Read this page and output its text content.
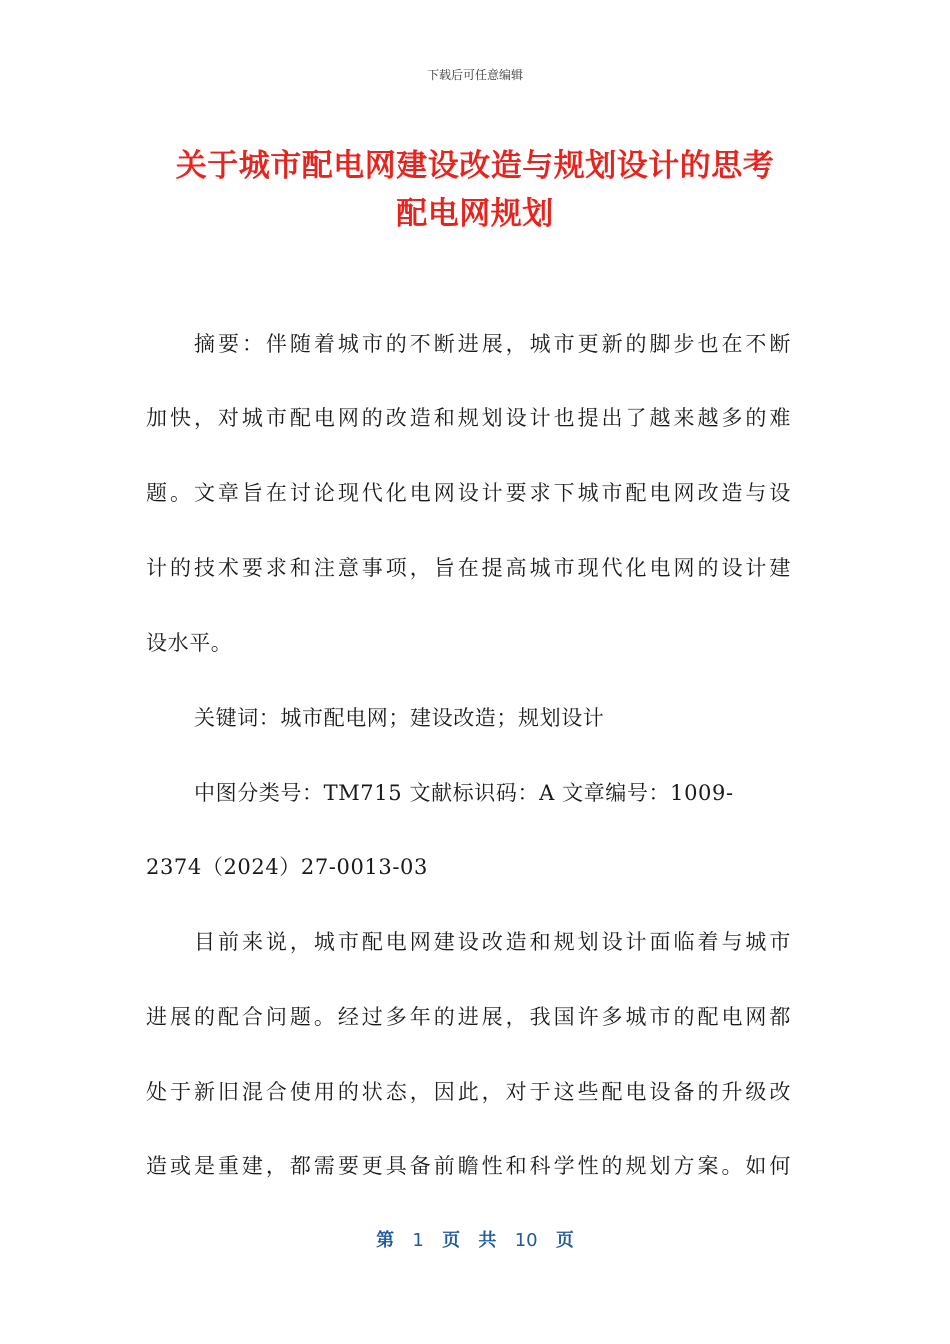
下载后可任意编辑
关于城市配电网建设改造与规划设计的思考
配电网规划
摘要：伴随着城市的不断进展，城市更新的脚步也在不断
加快，对城市配电网的改造和规划设计也提出了越来越多的难
题。文章旨在讨论现代化电网设计要求下城市配电网改造与设
计的技术要求和注意事项，旨在提高城市现代化电网的设计建
设水平。
关键词：城市配电网；建设改造；规划设计
中图分类号：TM715 文献标识码：A 文章编号：1009-
2374（2024）27-0013-03
目前来说，城市配电网建设改造和规划设计面临着与城市
进展的配合问题。经过多年的进展，我国许多城市的配电网都
处于新旧混合使用的状态，因此，对于这些配电设备的升级改
造或是重建，都需要更具备前瞻性和科学性的规划方案。如何
第 1 页 共 10 页
